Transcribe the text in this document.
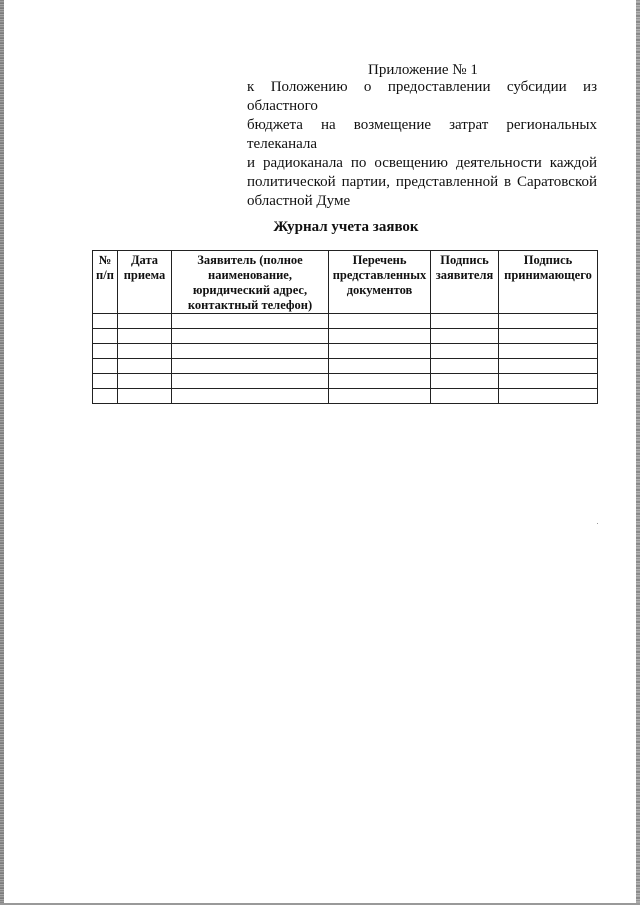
Приложение № 1
к Положению о предоставлении субсидии из областного
бюджета на возмещение затрат региональных телеканала
и радиоканала по освещению деятельности каждой
политической партии, представленной в Саратовской
областной Думе
Журнал учета заявок
№ п/п	Дата приема	Заявитель (полное наименование, юридический адрес, контактный телефон)	Перечень представленных документов	Подпись заявителя	Подпись принимающего
